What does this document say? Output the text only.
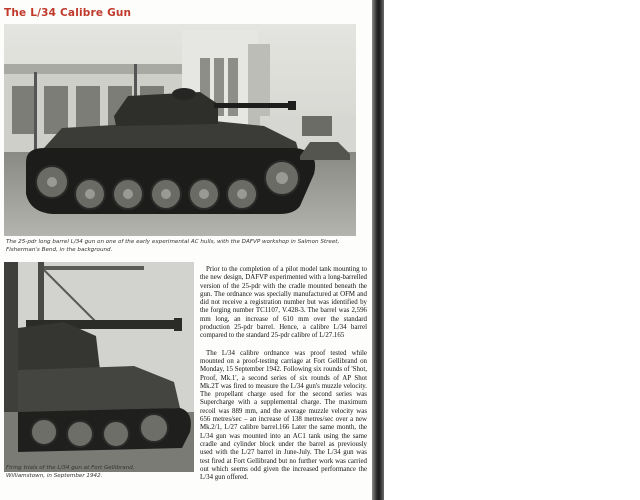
The L/34 Calibre Gun

The 25-pdr long barrel L/34 gun on one of the early experimental AC hulls, with the DAFVP workshop in Salmon Street, Fisherman's Bend, in the background.

Firing trials of the L/34 gun at Fort Gellibrand, Williamstown, in September 1942.

Prior to the completion of a pilot model tank mounting to the new design, DAFVP experimented with a long-barrelled version of the 25-pdr with the cradle mounted beneath the gun. The ordnance was specially manufactured at OFM and did not receive a registration number but was identified by the forging number TC1107, V.428-3. The barrel was 2,596 mm long, an increase of 610 mm over the standard production 25-pdr barrel. Hence, a calibre L/34 barrel compared to the standard 25-pdr calibre of L/27.165

The L/34 calibre ordnance was proof tested while mounted on a proof-testing carriage at Fort Gellibrand on Monday, 15 September 1942. Following six rounds of 'Shot, Proof, Mk.1', a second series of six rounds of AP Shot Mk.2T was fired to measure the L/34 gun's muzzle velocity. The propellant charge used for the second series was Supercharge with a supplemental charge. The maximum recoil was 889 mm, and the average muzzle velocity was 656 metres/sec – an increase of 138 metres/sec over a new Mk.2/1, L/27 calibre barrel.166 Later the same month, the L/34 gun was mounted into an AC1 tank using the same cradle and cylinder block under the barrel as previously used with the L/27 barrel in June-July. The L/34 gun was test fired at Fort Gellibrand but no further work was carried out which seems odd given the increased performance the L/34 gun offered.
